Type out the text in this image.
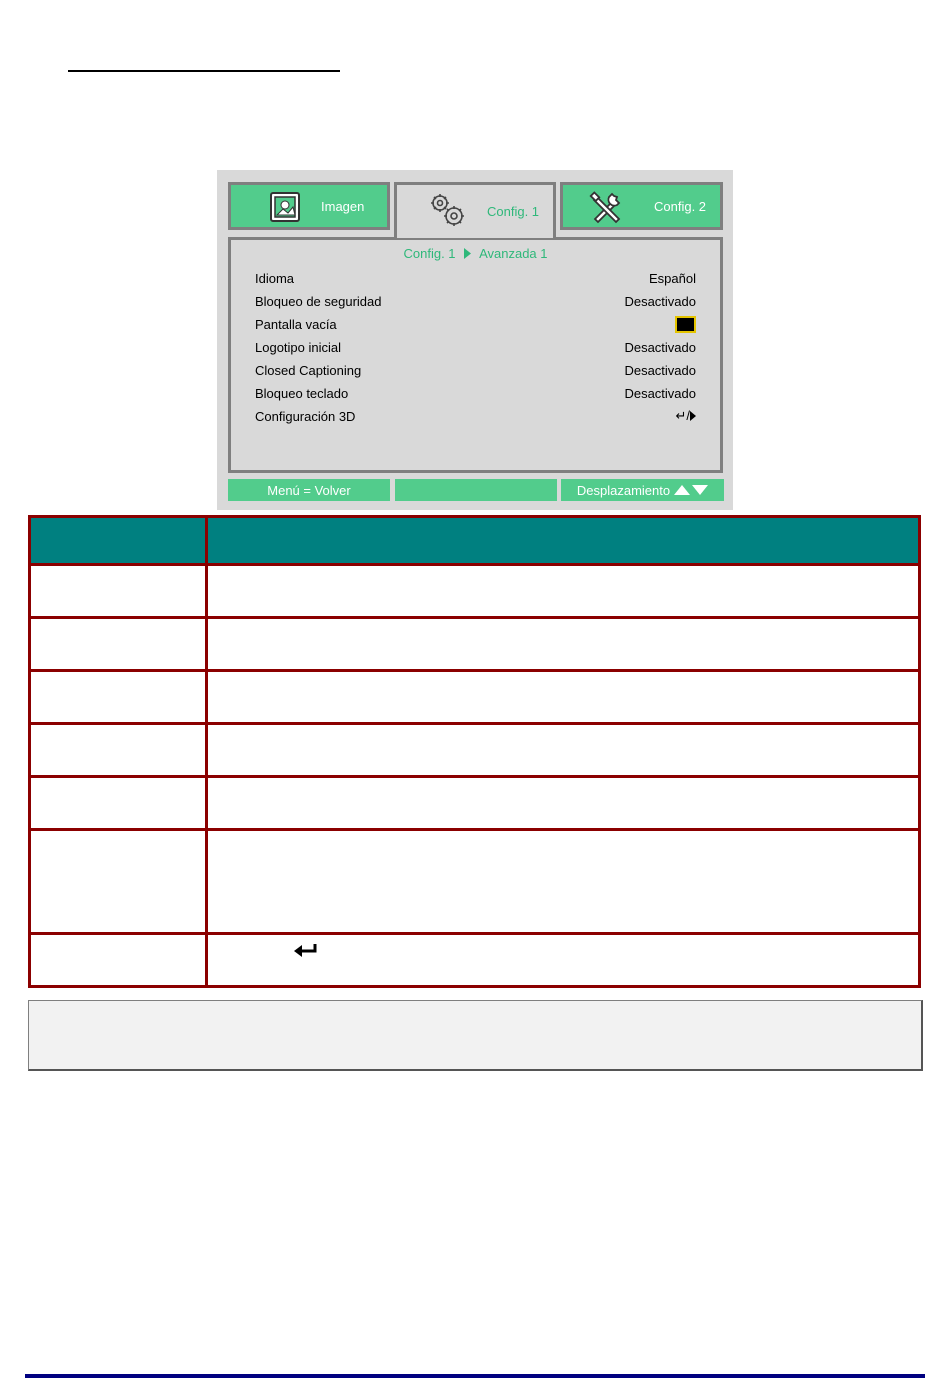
Imagen	Config. 1	Config. 2
Config. 1 Avanzada 1
Idioma	Español
Bloqueo de seguridad	Desactivado
Pantalla vacía
Logotipo inicial	Desactivado
Closed Captioning	Desactivado
Bloqueo teclado	Desactivado
Configuración 3D	↵/
Menú = Volver	Desplazamiento
